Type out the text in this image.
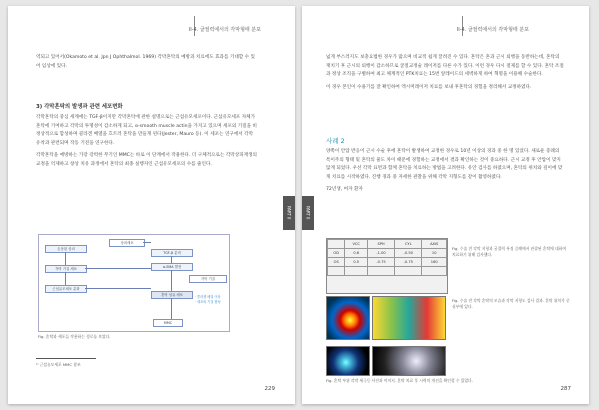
II-4. 굴절력에서의 각막형태 분포
역되고 있어서(Okamoto et al. Jpn J Ophthalmol. 1969) 각막혼탁의 예방과 치료에도 효과를 기대할 수 있어 임상에 있다.
3) 각막혼탁의 발생과 관련 세포변화

각막혼탁의 중심 세계에는 TGF-β이지만 각막혼탁에 관한 설명으로는 근섬유모세포이다. 근섬유모세포 자체가 혼탁에 기여하고 각막의 투명성이 감소하게 되고, α-smooth muscle actin을 가지고 있으며 세포외 기질을 비정상적으로 합성하며 콜라겐 배열을 흐트러 혼탁을 만들게 된다(Jester, Mauro 등). 이 세포는 연구에서 각막 유착과 관련되며 작동 기전을 연구한다.

각막혼탁을 예방하는 가장 강력한 무기인 MMC는 바로 이 단계에서 작용한다. 더 구체적으로는 각막상피재생의 교정을 억제하고 창상 치유 과정에서 혼탁의 최종 실행자인 근섬유모세포의 수를 줄인다.

손상된 상피
각막 기질 세포
근섬유모세포 분화
상피세포
TGF-β 분비
α-SMA 발현
각막 기질
혼탁 섬유 세포
MMC
· 콜라겐 배열 이상
· 세포외 기질 합성
Fig. 혼탁과 세포들 작용하는 경로를 보았다.
¹⁾ 근섬유모세포 MMC 참조
PART II
229
II-4. 굴절력에서의 각막형태 분포

넓게 부스러지도 보충요법한 경우가 많으며 비교적 쉽게 끌려진 수 있다. 혼탁은 혼과 근시 퇴행을 동반하는데, 혼탁의 재치기 후 근시의 퇴행이 감소하므로 굴절교정술 레이저를 다른 수가 있다. 이런 경우 다시 절제를 할 수 있다. 혼탁 조절과 정상 조직을 구별하여 최고 체계적인 PTK치료는 15번 앞레이드의 세벽하게 하여 혁명을 이용해 수술한다.

이 경우 본인이 수용기를 잘 확인하여 엑시머레이저 치료를 보내 후혼탁의 경험을 정리해서 교정하였다.

사례 2

양쪽이 안압 반응이 근시 수술 후에 혼탁이 발생하여 교정한 경우로 10년 이상의 경과 중 한 명 있었다. 새로운 증례의 특이주의 형태 및 혼탁의 물도 차이 때문에 경험하는 교정에서 결과 확인하는 것이 중요하다. 근시 교정 후 안압이 맞지 않게 되었다. 우선 각막 표면과 함께 혼탁을 치료하는 방법을 고려한다. 유안 검사를 하였으며, 혼탁의 위치와 깊이에 맞게 치료를 시작하였다. 진행 경과 중 자세한 관찰을 위해 각막 지형도를 같이 촬영하였다.

72년생, 여자 환자

	VCC	SPH	CYL	AXIS
OD	0.6	-1.00	-0.50	10
OS	0.5	-0.75	-0.75	160

Fig. 수술 전 각막 지형과 굴절력 특징 증례에서 관찰된 혼탁에 대하여 치료하기 위해 검사했다.
Fig. 수술 전 각막 혼탁의 모습과 각막 지형도 검사 결과. 혼탁 위치가 중심부에 있다.
Fig. 혼탁 부위 각막 세극등 사진과 이미지. 혼탁 치료 후 시력의 개선을 확인할 수 있었다.
PART II
287
